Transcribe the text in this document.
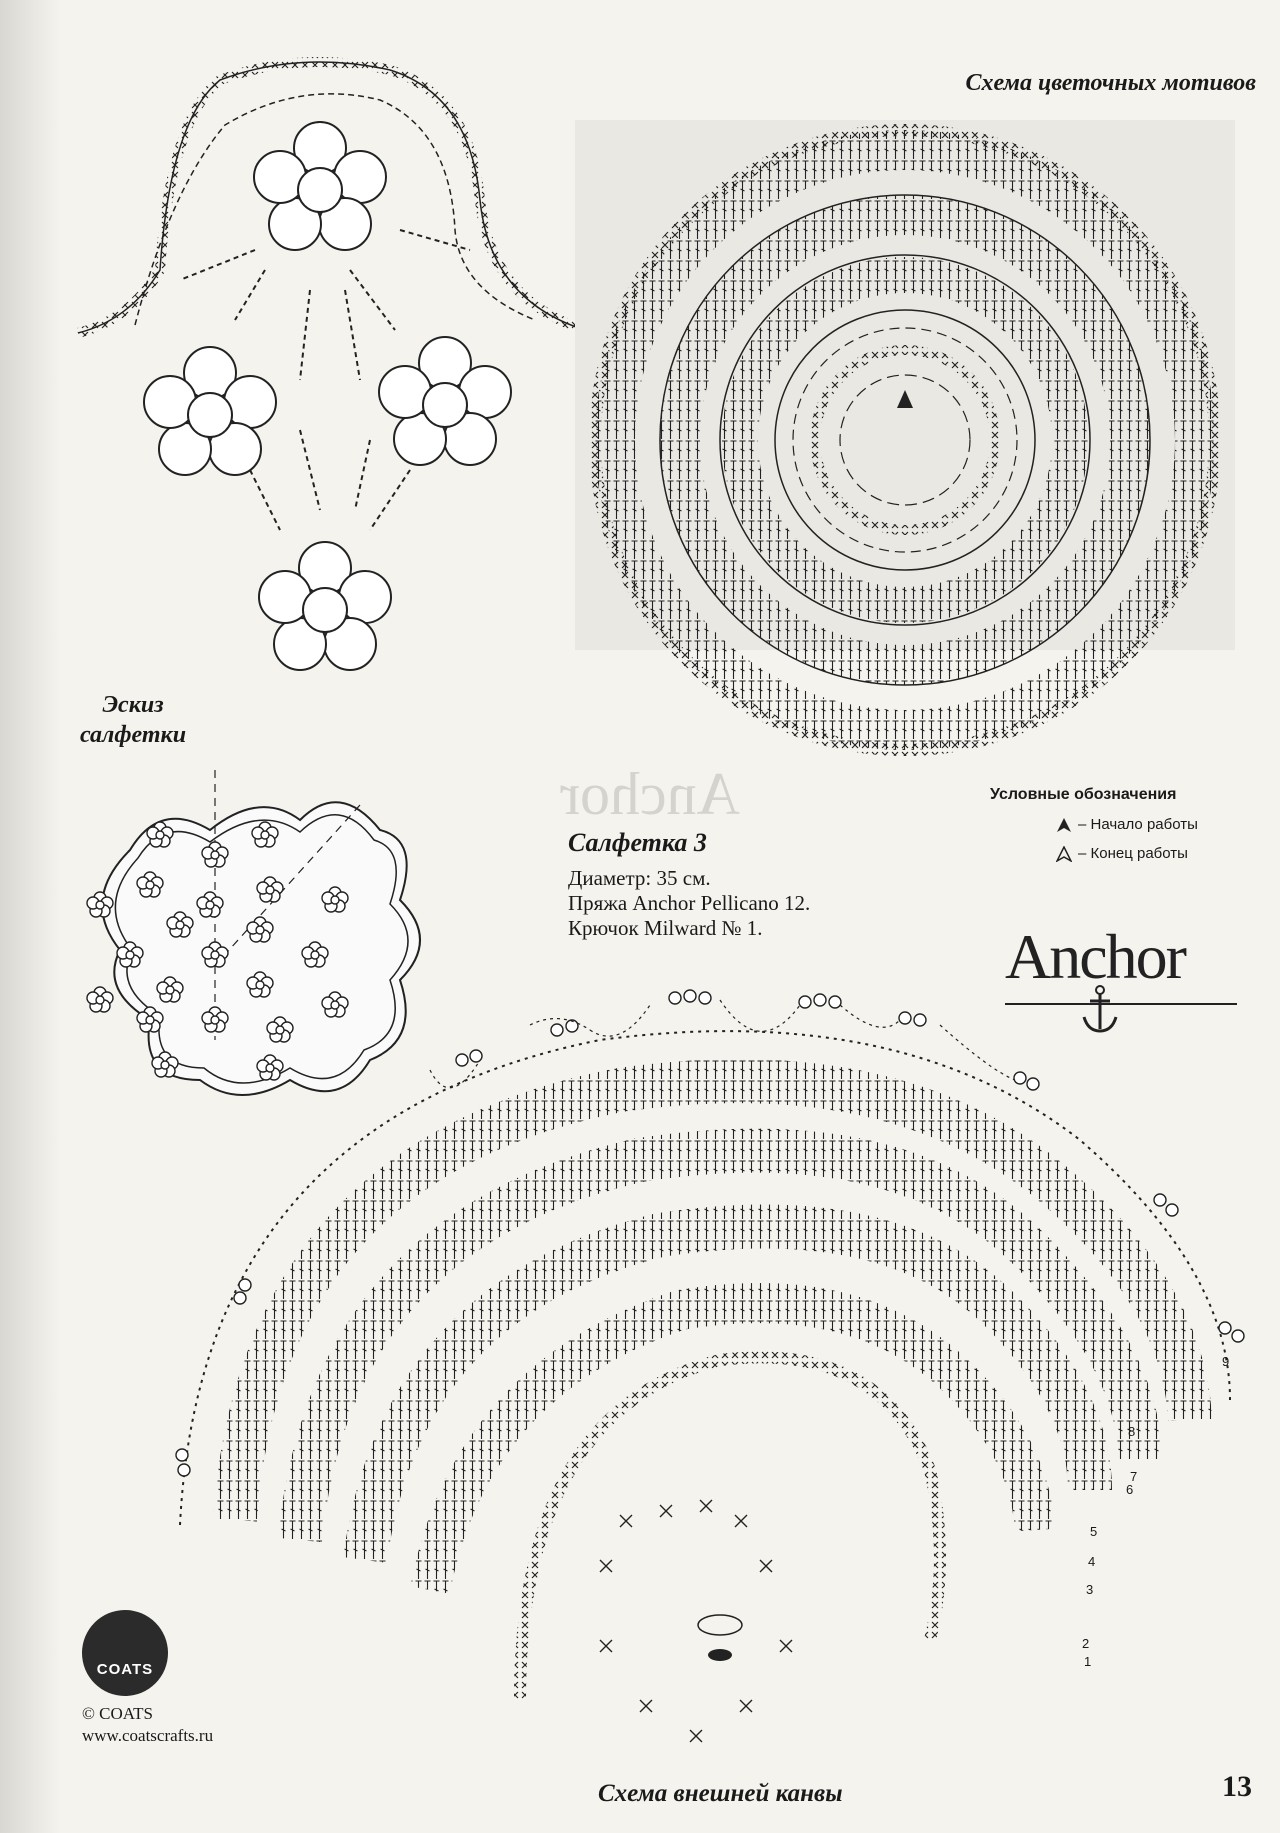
Anchor
Схема цветочных мотивов
Эскиз
салфетки
Салфетка 3
Диаметр: 35 см.
Пряжа Anchor Pellicano 12.
Крючок Milward № 1.
Условные обозначения
– Начало работы
– Конец работы
Anchor
COATS
© COATS
www.coatscrafts.ru
1
2
3
4
5
6
7
8
9
Схема внешней канвы	13
